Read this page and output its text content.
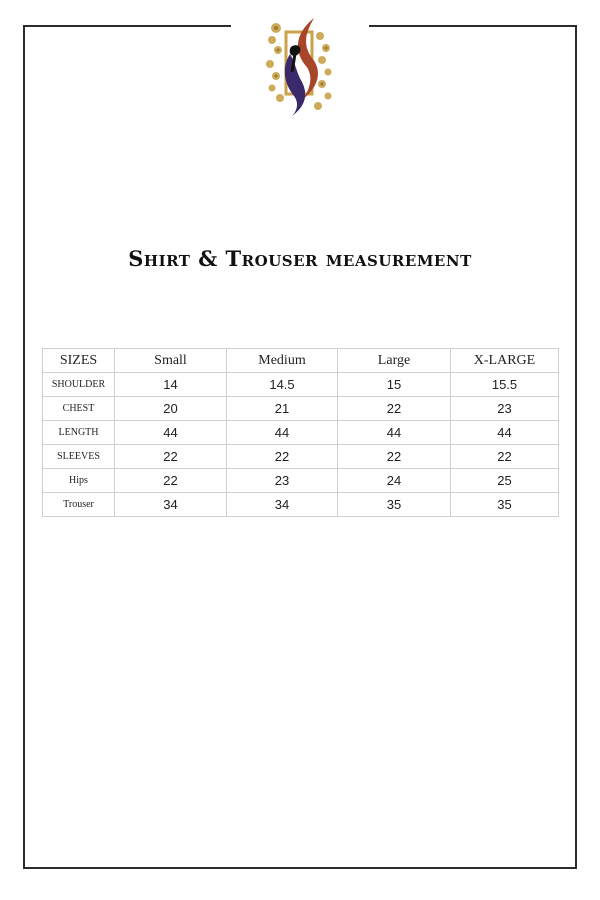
Shirt & Trouser measurement
SIZES	Small	Medium	Large	X-LARGE
SHOULDER	14	14.5	15	15.5
CHEST	20	21	22	23
LENGTH	44	44	44	44
SLEEVES	22	22	22	22
Hips	22	23	24	25
Trouser	34	34	35	35
